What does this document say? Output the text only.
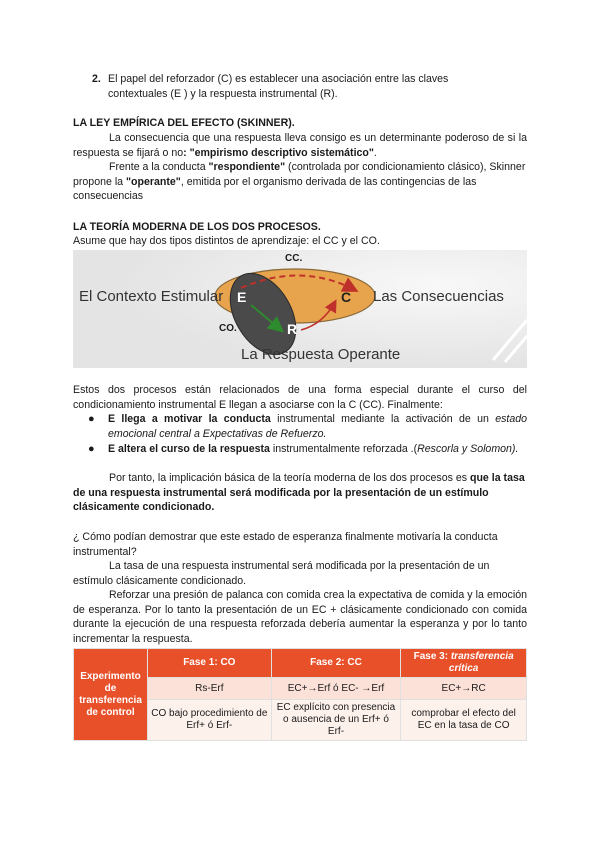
2. El papel del reforzador (C) es establecer una asociación entre las claves

contextuales (E ) y la respuesta instrumental (R).

LA LEY EMPÍRICA DEL EFECTO (SKINNER).

La consecuencia que una respuesta lleva consigo es un determinante poderoso de si la respuesta se fijará o no: "empirismo descriptivo sistemático".

Frente a la conducta "respondiente" (controlada por condicionamiento clásico), Skinner propone la "operante", emitida por el organismo derivada de las contingencias de las consecuencias

LA TEORÍA MODERNA DE LOS DOS PROCESOS.

Asume que hay dos tipos distintos de aprendizaje: el CC y el CO.

CC.
El Contexto Estimular E	C Las Consecuencias
CO.	R
La Respuesta Operante

Estos dos procesos están relacionados de una forma especial durante el curso del condicionamiento instrumental E llegan a asociarse con la C (CC). Finalmente:

● E llega a motivar la conducta instrumental mediante la activación de un estado emocional central a Expectativas de Refuerzo.

● E altera el curso de la respuesta instrumentalmente reforzada .(Rescorla y Solomon).

Por tanto, la implicación básica de la teoría moderna de los dos procesos es que la tasa de una respuesta instrumental será modificada por la presentación de un estímulo clásicamente condicionado.

¿ Cómo podían demostrar que este estado de esperanza finalmente motivaría la conducta instrumental?

La tasa de una respuesta instrumental será modificada por la presentación de un estímulo clásicamente condicionado.

Reforzar una presión de palanca con comida crea la expectativa de comida y la emoción de esperanza. Por lo tanto la presentación de un EC + clásicamente condicionado con comida durante la ejecución de una respuesta reforzada debería aumentar la esperanza y por lo tanto incrementar la respuesta.

Experimento de transferencia de control	Fase 1: CO	Fase 2: CC	Fase 3: transferencia crítica
	Rs-Erf	EC+→Erf ó EC- →Erf	EC+→RC
	CO bajo procedimiento de Erf+ ó Erf-	EC explícito con presencia o ausencia de un Erf+ ó Erf-	comprobar el efecto del EC en la tasa de CO
